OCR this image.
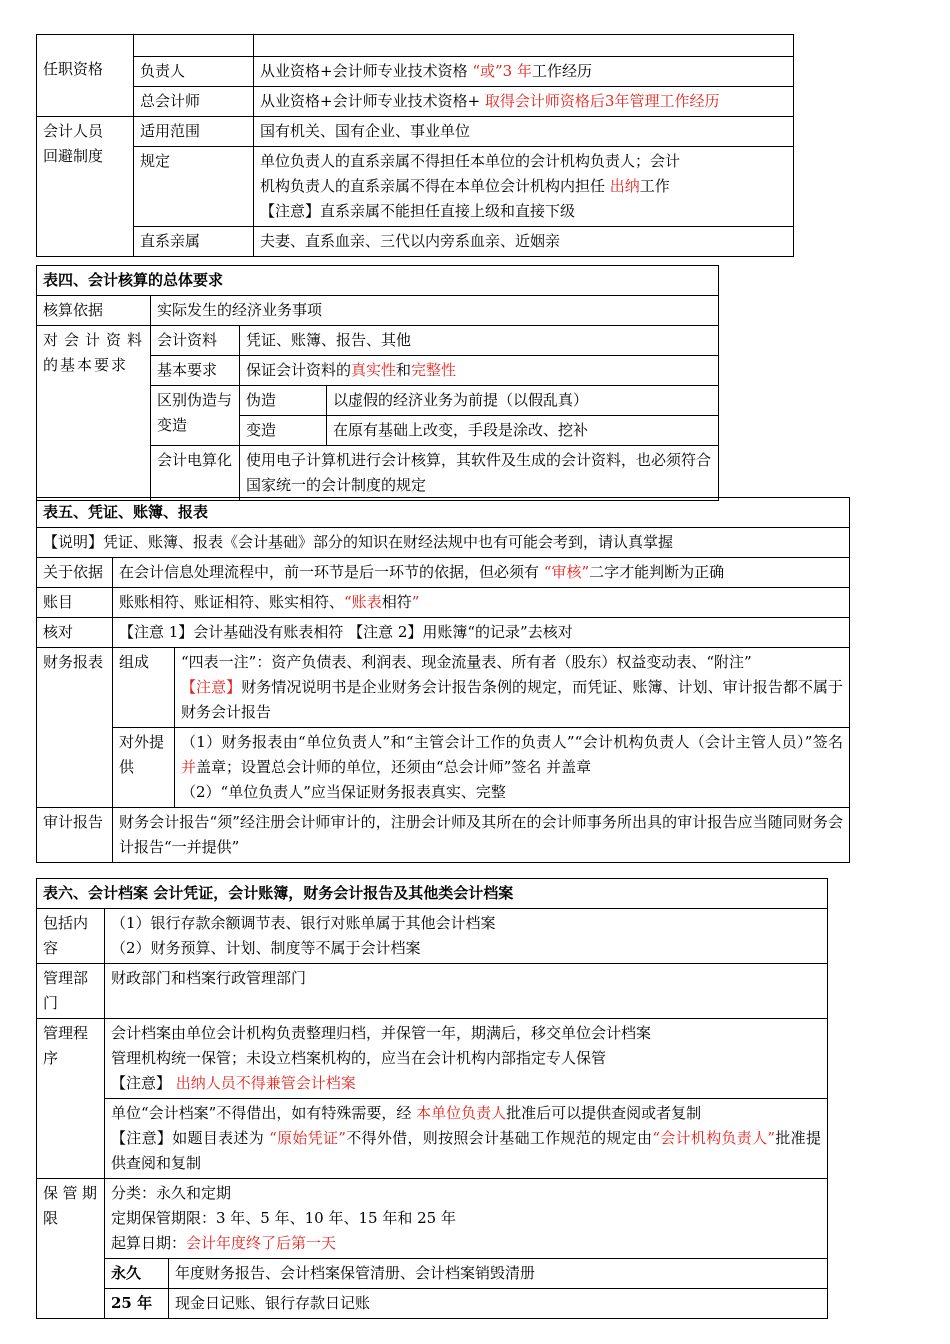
任职资格		
	负责人	从业资格+会计师专业技术资格 “或”3 年工作经历
	总会计师	从业资格+会计师专业技术资格+ 取得会计师资格后3年管理工作经历
会计人员
回避制度	适用范围	国有机关、国有企业、事业单位
	规定	单位负责人的直系亲属不得担任本单位的会计机构负责人；会计
机构负责人的直系亲属不得在本单位会计机构内担任 出纳工作
【注意】直系亲属不能担任直接上级和直接下级
	直系亲属	夫妻、直系血亲、三代以内旁系血亲、近姻亲
表四、会计核算的总体要求			
核算依据	实际发生的经济业务事项		
对会计资料的基本要求	会计资料	凭证、账簿、报告、其他	
	基本要求	保证会计资料的真实性和完整性	
	区别伪造与变造	伪造	以虚假的经济业务为前提（以假乱真）
		变造	在原有基础上改变，手段是涂改、挖补
	会计电算化	使用电子计算机进行会计核算，其软件及生成的会计资料，也必须符合国家统一的会计制度的规定	
表五、凭证、账簿、报表		
【说明】凭证、账簿、报表《会计基础》部分的知识在财经法规中也有可能会考到，请认真掌握		
关于依据	在会计信息处理流程中，前一环节是后一环节的依据，但必须有 “审核”二字才能判断为正确	
账目	账账相符、账证相符、账实相符、“账表相符”	
核对	【注意 1】会计基础没有账表相符 【注意 2】用账簿“的记录”去核对	
财务报表	组成	“四表一注”：资产负债表、利润表、现金流量表、所有者（股东）权益变动表、“附注”
【注意】财务情况说明书是企业财务会计报告条例的规定，而凭证、账簿、计划、审计报告都不属于财务会计报告
	对外提供	（1）财务报表由“单位负责人”和“主管会计工作的负责人”“会计机构负责人（会计主管人员）”签名并盖章；设置总会计师的单位，还须由“总会计师”签名 并盖章
（2）“单位负责人”应当保证财务报表真实、完整
审计报告	财务会计报告“须”经注册会计师审计的，注册会计师及其所在的会计师事务所出具的审计报告应当随同财务会计报告“一并提供”	
表六、会计档案 会计凭证，会计账簿，财务会计报告及其他类会计档案		
包括内容	（1）银行存款余额调节表、银行对账单属于其他会计档案
（2）财务预算、计划、制度等不属于会计档案	
管理部门	财政部门和档案行政管理部门	
管理程序	会计档案由单位会计机构负责整理归档，并保管一年，期满后，移交单位会计档案
管理机构统一保管；未设立档案机构的，应当在会计机构内部指定专人保管
【注意】 出纳人员不得兼管会计档案	
	单位“会计档案”不得借出，如有特殊需要，经 本单位负责人批准后可以提供查阅或者复制
【注意】如题目表述为 “原始凭证”不得外借，则按照会计基础工作规范的规定由“会计机构负责人”批准提供查阅和复制	
保管期限	分类：永久和定期
定期保管期限：3 年、5 年、10 年、15 年和 25 年
起算日期：会计年度终了后第一天	
	永久	年度财务报告、会计档案保管清册、会计档案销毁清册
	25 年	现金日记账、银行存款日记账
